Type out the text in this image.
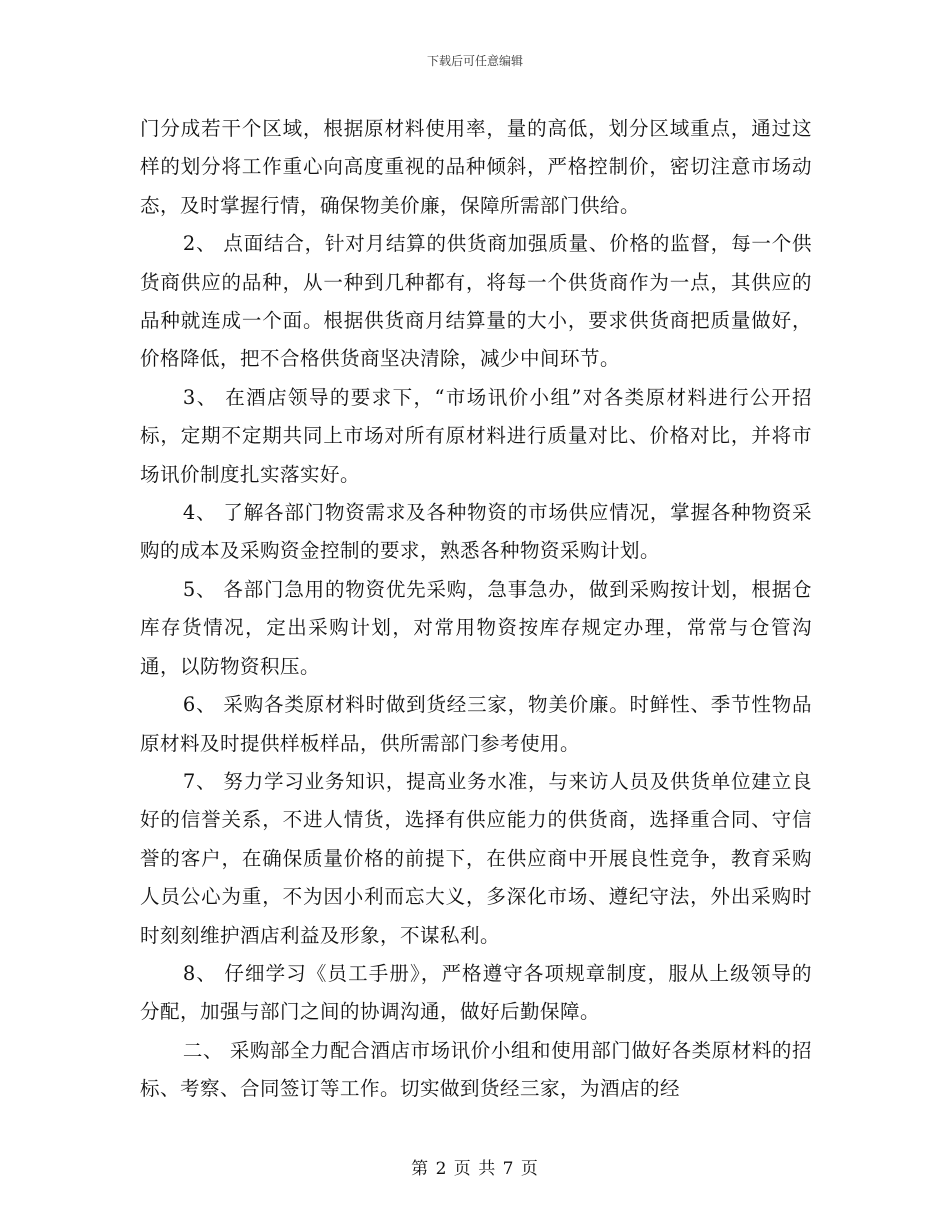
下载后可任意编辑

门分成若干个区域，根据原材料使用率，量的高低，划分区域重点，通过这样的划分将工作重心向高度重视的品种倾斜，严格控制价，密切注意市场动态，及时掌握行情，确保物美价廉，保障所需部门供给。

2、 点面结合，针对月结算的供货商加强质量、价格的监督，每一个供货商供应的品种，从一种到几种都有，将每一个供货商作为一点，其供应的品种就连成一个面。根据供货商月结算量的大小，要求供货商把质量做好，价格降低，把不合格供货商坚决清除，减少中间环节。

3、 在酒店领导的要求下，“市场讯价小组”对各类原材料进行公开招标，定期不定期共同上市场对所有原材料进行质量对比、价格对比，并将市场讯价制度扎实落实好。

4、 了解各部门物资需求及各种物资的市场供应情况，掌握各种物资采购的成本及采购资金控制的要求，熟悉各种物资采购计划。

5、 各部门急用的物资优先采购，急事急办，做到采购按计划，根据仓库存货情况，定出采购计划，对常用物资按库存规定办理，常常与仓管沟通，以防物资积压。

6、 采购各类原材料时做到货经三家，物美价廉。时鲜性、季节性物品原材料及时提供样板样品，供所需部门参考使用。

7、 努力学习业务知识，提高业务水准，与来访人员及供货单位建立良好的信誉关系，不进人情货，选择有供应能力的供货商，选择重合同、守信誉的客户，在确保质量价格的前提下，在供应商中开展良性竞争，教育采购人员公心为重，不为因小利而忘大义，多深化市场、遵纪守法，外出采购时时刻刻维护酒店利益及形象，不谋私利。

8、 仔细学习《员工手册》，严格遵守各项规章制度，服从上级领导的分配，加强与部门之间的协调沟通，做好后勤保障。

二、 采购部全力配合酒店市场讯价小组和使用部门做好各类原材料的招标、考察、合同签订等工作。切实做到货经三家，为酒店的经

第 2 页 共 7 页
